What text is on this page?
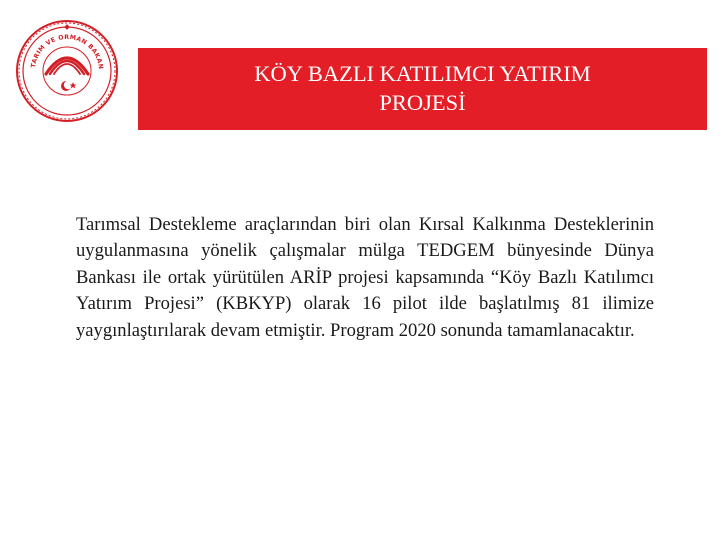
TARIM VE ORMAN BAKAN	KÖY BAZLI KATILIMCI YATIRIM
PROJESİ

Tarımsal Destekleme araçlarından biri olan Kırsal Kalkınma Desteklerinin uygulanmasına yönelik çalışmalar mülga TEDGEM bünyesinde Dünya Bankası ile ortak yürütülen ARİP projesi kapsamında “Köy Bazlı Katılımcı Yatırım Projesi” (KBKYP) olarak 16 pilot ilde başlatılmış 81 ilimize yaygınlaştırılarak devam etmiştir. Program 2020 sonunda tamamlanacaktır.
